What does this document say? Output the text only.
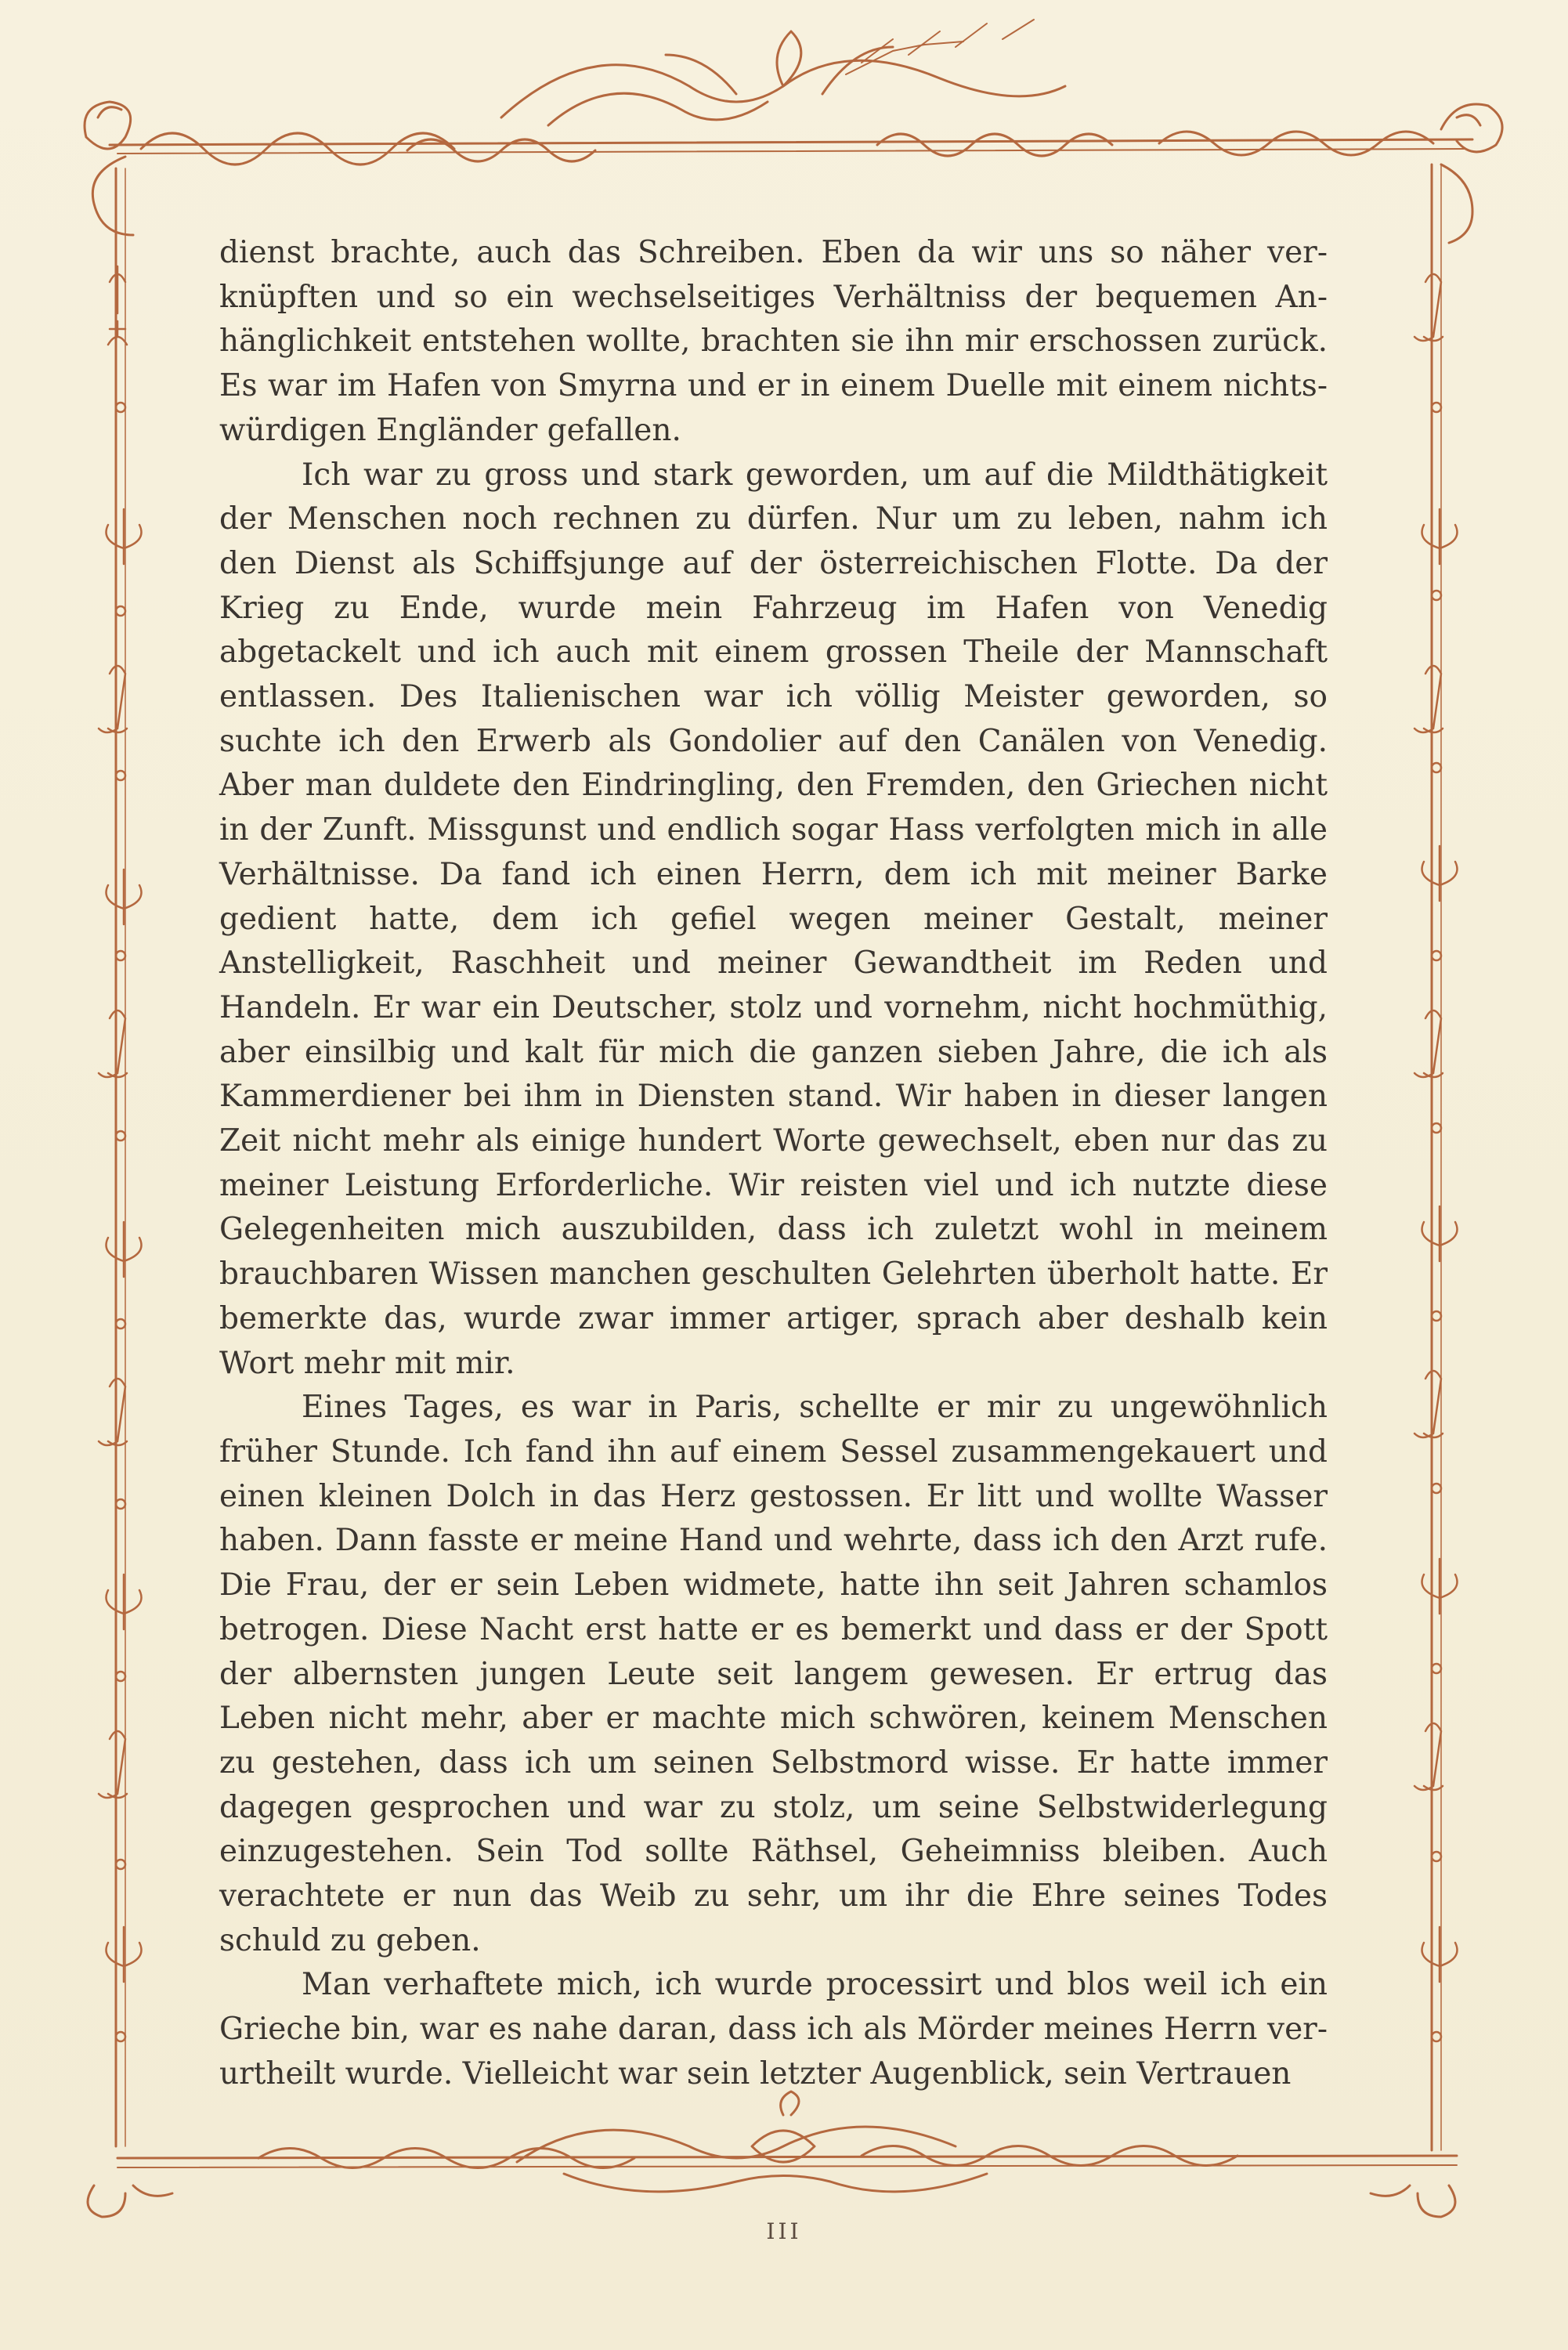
dienst brachte, auch das Schreiben. Eben da wir uns so näher verknüpften und so ein wechselseitiges Verhältniss der bequemen Anhänglichkeit entstehen wollte, brachten sie ihn mir erschossen zurück. Es war im Hafen von Smyrna und er in einem Duelle mit einem nichtswürdigen Engländer gefallen.

Ich war zu gross und stark geworden, um auf die Mildthätigkeit der Menschen noch rechnen zu dürfen. Nur um zu leben, nahm ich den Dienst als Schiffsjunge auf der österreichischen Flotte. Da der Krieg zu Ende, wurde mein Fahrzeug im Hafen von Venedig abgetackelt und ich auch mit einem grossen Theile der Mannschaft entlassen. Des Italienischen war ich völlig Meister geworden, so suchte ich den Erwerb als Gondolier auf den Canälen von Venedig. Aber man duldete den Eindringling, den Fremden, den Griechen nicht in der Zunft. Missgunst und endlich sogar Hass verfolgten mich in alle Verhältnisse. Da fand ich einen Herrn, dem ich mit meiner Barke gedient hatte, dem ich gefiel wegen meiner Gestalt, meiner Anstelligkeit, Raschheit und meiner Gewandtheit im Reden und Handeln. Er war ein Deutscher, stolz und vornehm, nicht hochmüthig, aber einsilbig und kalt für mich die ganzen sieben Jahre, die ich als Kammerdiener bei ihm in Diensten stand. Wir haben in dieser langen Zeit nicht mehr als einige hundert Worte gewechselt, eben nur das zu meiner Leistung Erforderliche. Wir reisten viel und ich nutzte diese Gelegenheiten mich auszubilden, dass ich zuletzt wohl in meinem brauchbaren Wissen manchen geschulten Gelehrten überholt hatte. Er bemerkte das, wurde zwar immer artiger, sprach aber deshalb kein Wort mehr mit mir.

Eines Tages, es war in Paris, schellte er mir zu ungewöhnlich früher Stunde. Ich fand ihn auf einem Sessel zusammengekauert und einen kleinen Dolch in das Herz gestossen. Er litt und wollte Wasser haben. Dann fasste er meine Hand und wehrte, dass ich den Arzt rufe. Die Frau, der er sein Leben widmete, hatte ihn seit Jahren schamlos betrogen. Diese Nacht erst hatte er es bemerkt und dass er der Spott der albernsten jungen Leute seit langem gewesen. Er ertrug das Leben nicht mehr, aber er machte mich schwören, keinem Menschen zu gestehen, dass ich um seinen Selbstmord wisse. Er hatte immer dagegen gesprochen und war zu stolz, um seine Selbstwiderlegung einzugestehen. Sein Tod sollte Räthsel, Geheimniss bleiben. Auch verachtete er nun das Weib zu sehr, um ihr die Ehre seines Todes schuld zu geben.

Man verhaftete mich, ich wurde processirt und blos weil ich ein Grieche bin, war es nahe daran, dass ich als Mörder meines Herrn verurtheilt wurde. Vielleicht war sein letzter Augenblick, sein Vertrauen

III
